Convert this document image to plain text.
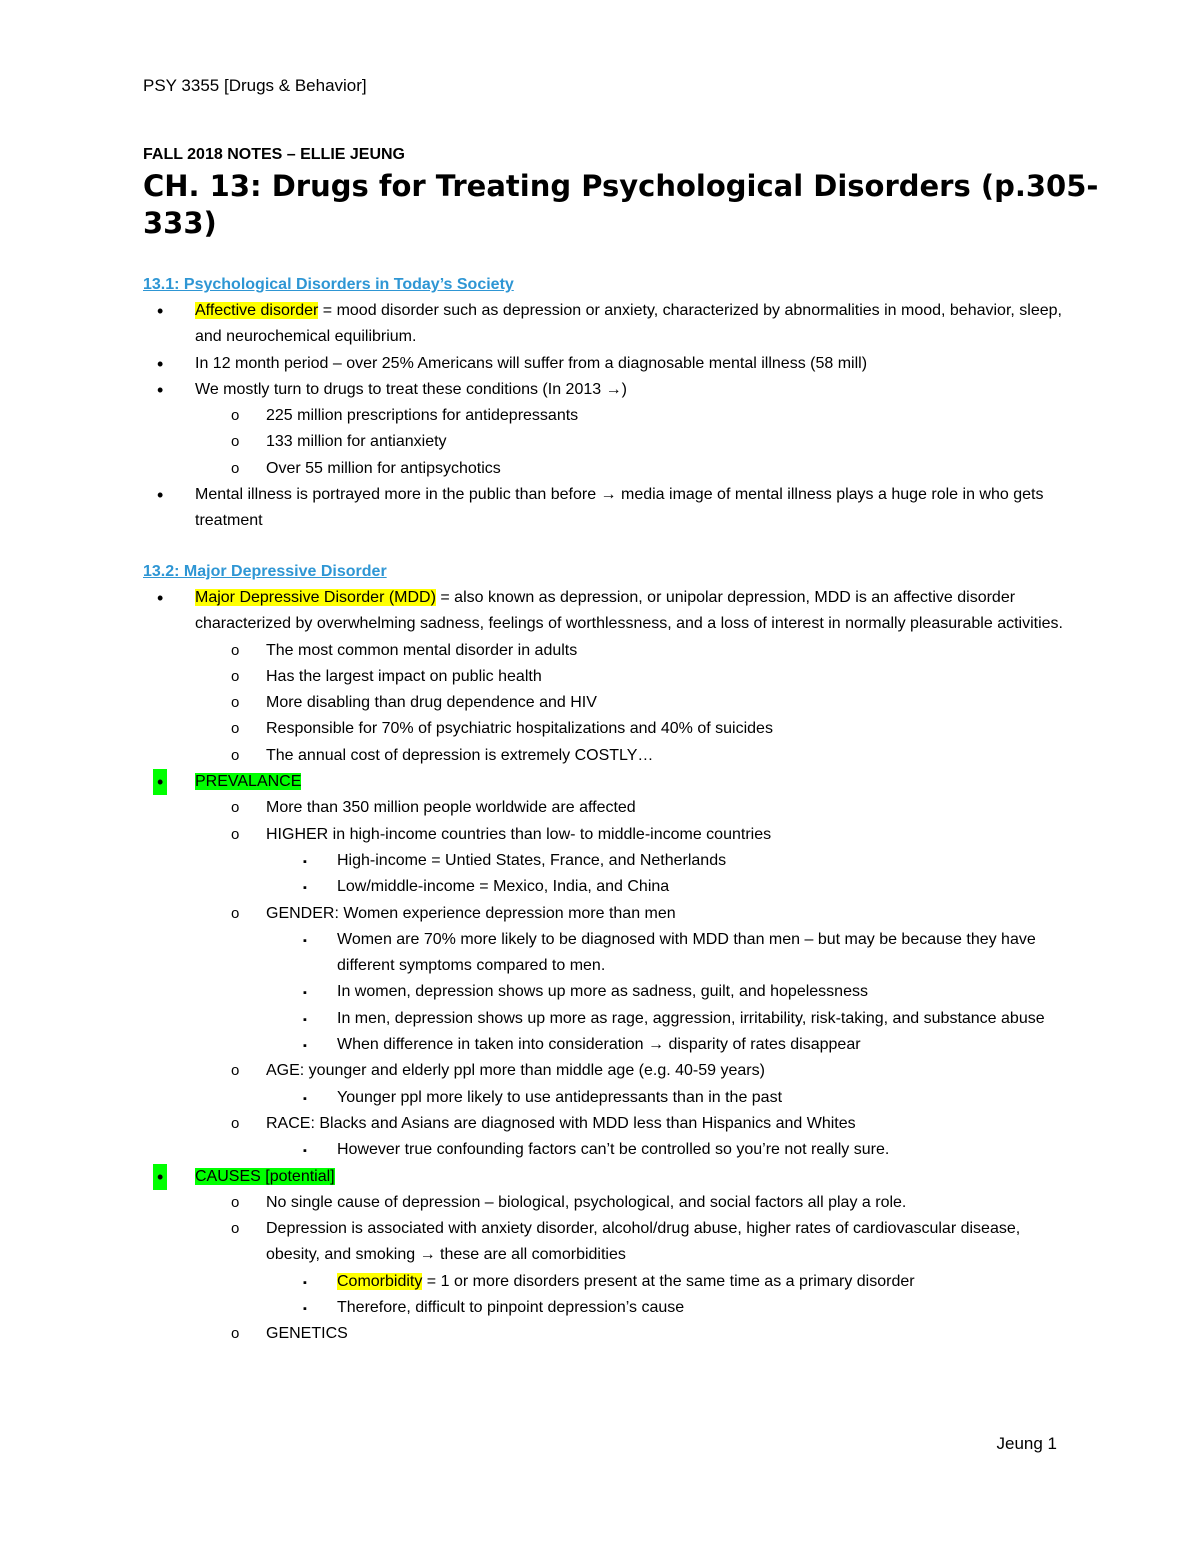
PSY 3355 [Drugs & Behavior]
FALL 2018 NOTES – ELLIE JEUNG
CH. 13: Drugs for Treating Psychological Disorders (p.305-333)
13.1: Psychological Disorders in Today’s Society
• Affective disorder = mood disorder such as depression or anxiety, characterized by abnormalities in mood, behavior, sleep, and neurochemical equilibrium.
• In 12 month period – over 25% Americans will suffer from a diagnosable mental illness (58 mill)
• We mostly turn to drugs to treat these conditions (In 2013 →)
o 225 million prescriptions for antidepressants
o 133 million for antianxiety
o Over 55 million for antipsychotics
• Mental illness is portrayed more in the public than before → media image of mental illness plays a huge role in who gets treatment
13.2: Major Depressive Disorder
• Major Depressive Disorder (MDD) = also known as depression, or unipolar depression, MDD is an affective disorder characterized by overwhelming sadness, feelings of worthlessness, and a loss of interest in normally pleasurable activities.
o The most common mental disorder in adults
o Has the largest impact on public health
o More disabling than drug dependence and HIV
o Responsible for 70% of psychiatric hospitalizations and 40% of suicides
o The annual cost of depression is extremely COSTLY…
• PREVALANCE
o More than 350 million people worldwide are affected
o HIGHER in high-income countries than low- to middle-income countries
▪ High-income = Untied States, France, and Netherlands
▪ Low/middle-income = Mexico, India, and China
o GENDER: Women experience depression more than men
▪ Women are 70% more likely to be diagnosed with MDD than men – but may be because they have different symptoms compared to men.
▪ In women, depression shows up more as sadness, guilt, and hopelessness
▪ In men, depression shows up more as rage, aggression, irritability, risk-taking, and substance abuse
▪ When difference in taken into consideration → disparity of rates disappear
o AGE: younger and elderly ppl more than middle age (e.g. 40-59 years)
▪ Younger ppl more likely to use antidepressants than in the past
o RACE: Blacks and Asians are diagnosed with MDD less than Hispanics and Whites
▪ However true confounding factors can’t be controlled so you’re not really sure.
• CAUSES [potential]
o No single cause of depression – biological, psychological, and social factors all play a role.
o Depression is associated with anxiety disorder, alcohol/drug abuse, higher rates of cardiovascular disease, obesity, and smoking → these are all comorbidities
▪ Comorbidity = 1 or more disorders present at the same time as a primary disorder
▪ Therefore, difficult to pinpoint depression’s cause
o GENETICS
Jeung 1
